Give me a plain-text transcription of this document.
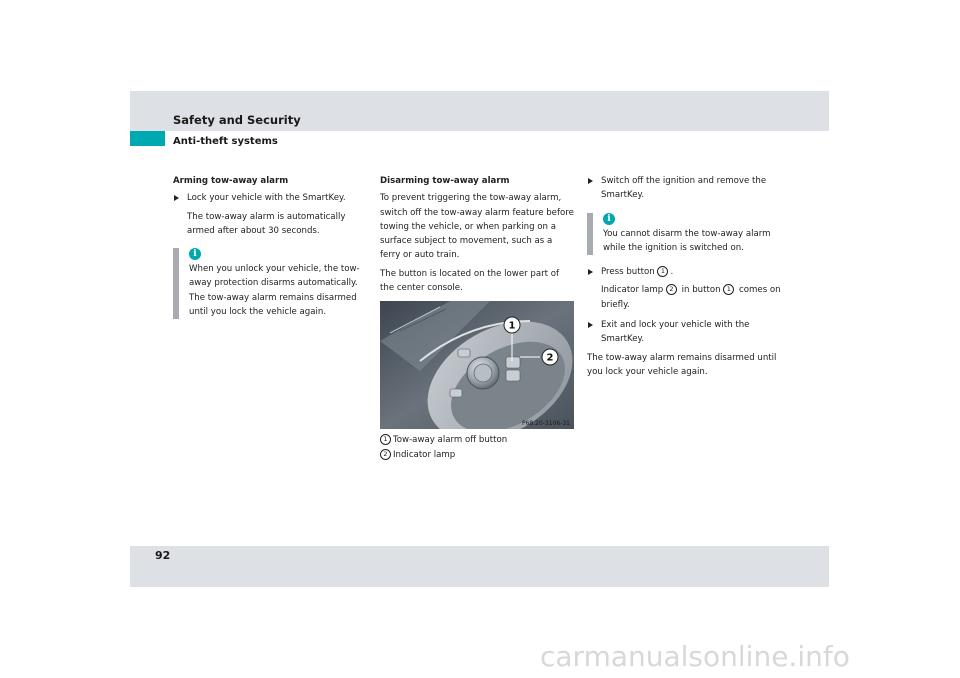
Safety and Security
Anti-theft systems
Arming tow-away alarm
Lock your vehicle with the SmartKey.
The tow-away alarm is automatically armed after about 30 seconds.
i
When you unlock your vehicle, the tow-away protection disarms automatically. The tow-away alarm remains disarmed until you lock the vehicle again.
Disarming tow-away alarm
To prevent triggering the tow-away alarm, switch off the tow-away alarm feature before towing the vehicle, or when parking on a surface subject to movement, such as a ferry or auto train.
The button is located on the lower part of the center console.
1
2
P68.20-3106-31
1 Tow-away alarm off button
2 Indicator lamp
Switch off the ignition and remove the SmartKey.
i
You cannot disarm the tow-away alarm while the ignition is switched on.
Press button 1 .
Indicator lamp 2 in button 1 comes on briefly.
Exit and lock your vehicle with the SmartKey.
The tow-away alarm remains disarmed until you lock your vehicle again.
92
carmanualsonline.info
